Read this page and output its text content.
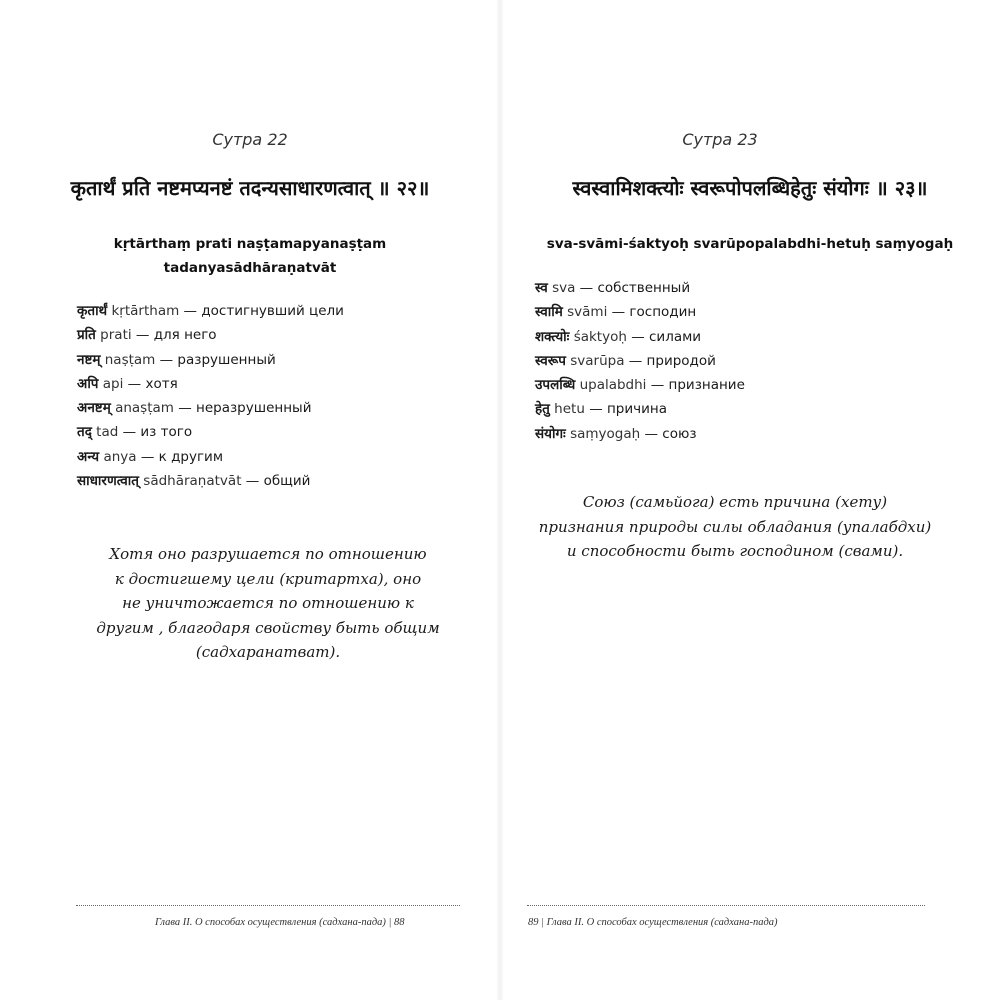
Сутра 22
कृतार्थं प्रति नष्टमप्यनष्टं तदन्यसाधारणत्वात् ॥ २२॥
kṛtārthaṃ prati naṣṭamapyanaṣṭam
tadanyasādhāraṇatvāt
कृतार्थं kṛtārtham — достигнувший цели
प्रति prati — для него
नष्टम् naṣṭam — разрушенный
अपि api — хотя
अनष्टम् anaṣṭam — неразрушенный
तद् tad — из того
अन्य anya — к другим
साधारणत्वात् sādhāraṇatvāt — общий
Хотя оно разрушается по отношению
к достигшему цели (критартха), оно
не уничтожается по отношению к
другим , благодаря свойству быть общим
(садхаранатват).
Глава II. О способах осуществления (садхана-пада) | 88
Сутра 23
स्वस्वामिशक्त्योः स्वरूपोपलब्धिहेतुः संयोगः ॥ २३॥
sva-svāmi-śaktyoḥ svarūpopalabdhi-hetuḥ saṃyogaḥ
स्व sva — собственный
स्वामि svāmi — господин
शक्त्योः śaktyoḥ — силами
स्वरूप svarūpa — природой
उपलब्धि upalabdhi — признание
हेतु hetu — причина
संयोगः saṃyogaḥ — союз
Союз (самьйога) есть причина (хету)
признания природы силы обладания (упалабдхи)
и способности быть господином (свами).
89 | Глава II. О способах осуществления (садхана-пада)
